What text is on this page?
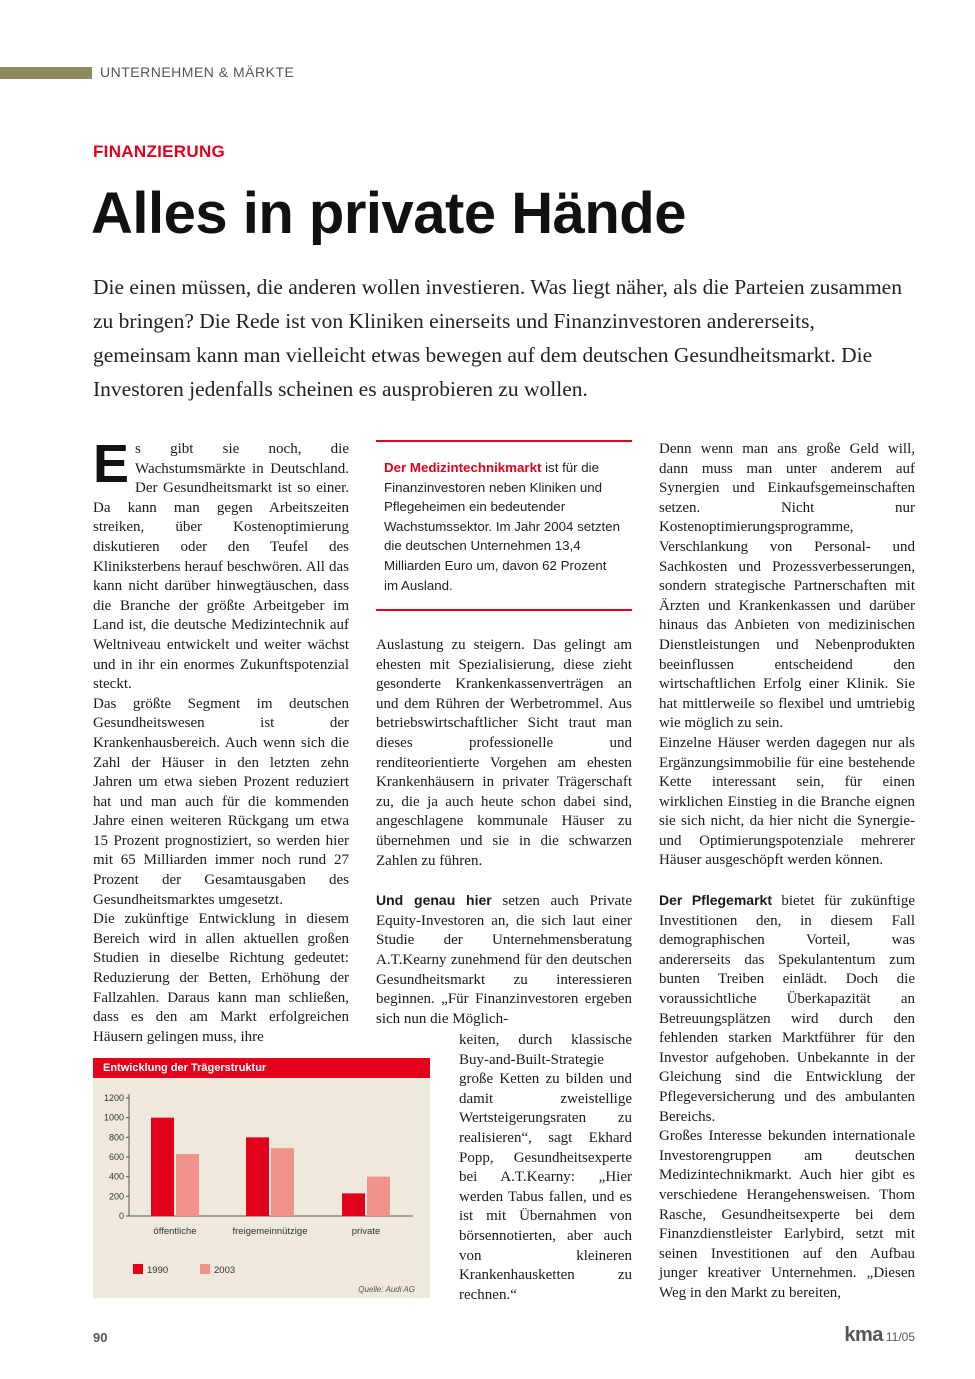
UNTERNEHMEN & MÄRKTE
FINANZIERUNG
Alles in private Hände
Die einen müssen, die anderen wollen investieren. Was liegt näher, als die Parteien zusammen zu bringen? Die Rede ist von Kliniken einerseits und Finanzinvestoren andererseits, gemeinsam kann man vielleicht etwas bewegen auf dem deutschen Gesundheitsmarkt. Die Investoren jedenfalls scheinen es ausprobieren zu wollen.

Es gibt sie noch, die Wachstumsmärkte in Deutschland. Der Gesundheitsmarkt ist so einer. Da kann man gegen Arbeitszeiten streiken, über Kostenoptimierung diskutieren oder den Teufel des Kliniksterbens herauf beschwören. All das kann nicht darüber hinwegtäuschen, dass die Branche der größte Arbeitgeber im Land ist, die deutsche Medizintechnik auf Weltniveau entwickelt und weiter wächst und in ihr ein enormes Zukunftspotenzial steckt.

Das größte Segment im deutschen Gesundheitswesen ist der Krankenhausbereich. Auch wenn sich die Zahl der Häuser in den letzten zehn Jahren um etwa sieben Prozent reduziert hat und man auch für die kommenden Jahre einen weiteren Rückgang um etwa 15 Prozent prognostiziert, so werden hier mit 65 Milliarden immer noch rund 27 Prozent der Gesamtausgaben des Gesundheitsmarktes umgesetzt.

Die zukünftige Entwicklung in diesem Bereich wird in allen aktuellen großen Studien in dieselbe Richtung gedeutet: Reduzierung der Betten, Erhöhung der Fallzahlen. Daraus kann man schließen, dass es den am Markt erfolgreichen Häusern gelingen muss, ihre

Der Medizintechnikmarkt ist für die Finanzinvestoren neben Kliniken und Pflegeheimen ein bedeutender Wachstumssektor. Im Jahr 2004 setzten die deutschen Unternehmen 13,4 Milliarden Euro um, davon 62 Prozent im Ausland.

Auslastung zu steigern. Das gelingt am ehesten mit Spezialisierung, diese zieht gesonderte Krankenkassenverträgen an und dem Rühren der Werbetrommel. Aus betriebswirtschaftlicher Sicht traut man dieses professionelle und renditeorientierte Vorgehen am ehesten Krankenhäusern in privater Trägerschaft zu, die ja auch heute schon dabei sind, angeschlagene kommunale Häuser zu übernehmen und sie in die schwarzen Zahlen zu führen.

Und genau hier setzen auch Private Equity-Investoren an, die sich laut einer Studie der Unternehmensberatung A.T.Kearny zunehmend für den deutschen Gesundheitsmarkt zu interessieren beginnen. „Für Finanzinvestoren ergeben sich nun die Möglich-

keiten, durch klassische Buy-and-Built-Strategie große Ketten zu bilden und damit zweistellige Wertsteigerungsraten zu realisieren“, sagt Ekhard Popp, Gesundheitsexperte bei A.T.Kearny: „Hier werden Tabus fallen, und es ist mit Übernahmen von börsennotierten, aber auch von kleineren Krankenhausketten zu rechnen.“

Denn wenn man ans große Geld will, dann muss man unter anderem auf Synergien und Einkaufsgemeinschaften setzen. Nicht nur Kostenoptimierungsprogramme, Verschlankung von Personal- und Sachkosten und Prozessverbesserungen, sondern strategische Partnerschaften mit Ärzten und Krankenkassen und darüber hinaus das Anbieten von medizinischen Dienstleistungen und Nebenprodukten beeinflussen entscheidend den wirtschaftlichen Erfolg einer Klinik. Sie hat mittlerweile so flexibel und umtriebig wie möglich zu sein.

Einzelne Häuser werden dagegen nur als Ergänzungsimmobilie für eine bestehende Kette interessant sein, für einen wirklichen Einstieg in die Branche eignen sie sich nicht, da hier nicht die Synergie- und Optimierungspotenziale mehrerer Häuser ausgeschöpft werden können.

Der Pflegemarkt bietet für zukünftige Investitionen den, in diesem Fall demographischen Vorteil, was andererseits das Spekulantentum zum bunten Treiben einlädt. Doch die voraussichtliche Überkapazität an Betreuungsplätzen wird durch den fehlenden starken Marktführer für den Investor aufgehoben. Unbekannte in der Gleichung sind die Entwicklung der Pflegeversicherung und des ambulanten Bereichs.

Großes Interesse bekunden internationale Investorengruppen am deutschen Medizintechnikmarkt. Auch hier gibt es verschiedene Herangehensweisen. Thom Rasche, Gesundheitsexperte bei dem Finanzdienstleister Earlybird, setzt mit seinen Investitionen auf den Aufbau junger kreativer Unternehmen. „Diesen Weg in den Markt zu bereiten,

Entwicklung der Trägerstruktur
0
200
400
600
800
1000
1200
öffentliche	freigemeinnützige	private
1990	2003
Quelle: Audi AG
90	kma 11/05
